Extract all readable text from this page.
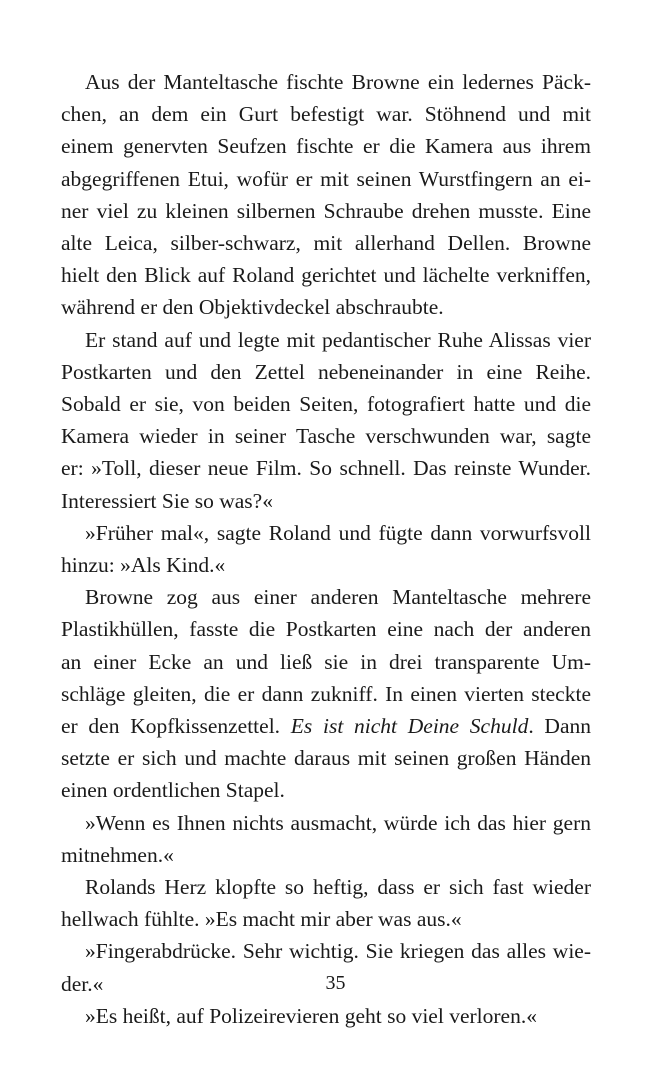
Aus der Manteltasche fischte Browne ein ledernes Päck-
chen, an dem ein Gurt befestigt war. Stöhnend und mit
einem genervten Seufzen fischte er die Kamera aus ihrem
abgegriffenen Etui, wofür er mit seinen Wurstfingern an ei-
ner viel zu kleinen silbernen Schraube drehen musste. Eine
alte Leica, silber-schwarz, mit allerhand Dellen. Browne
hielt den Blick auf Roland gerichtet und lächelte verkniffen,
während er den Objektivdeckel abschraubte.
Er stand auf und legte mit pedantischer Ruhe Alissas vier
Postkarten und den Zettel nebeneinander in eine Reihe.
Sobald er sie, von beiden Seiten, fotografiert hatte und die
Kamera wieder in seiner Tasche verschwunden war, sagte
er: »Toll, dieser neue Film. So schnell. Das reinste Wunder.
Interessiert Sie so was?«
»Früher mal«, sagte Roland und fügte dann vorwurfsvoll
hinzu: »Als Kind.«
Browne zog aus einer anderen Manteltasche mehrere
Plastikhüllen, fasste die Postkarten eine nach der anderen
an einer Ecke an und ließ sie in drei transparente Um-
schläge gleiten, die er dann zukniff. In einen vierten steckte
er den Kopfkissenzettel. Es ist nicht Deine Schuld. Dann
setzte er sich und machte daraus mit seinen großen Händen
einen ordentlichen Stapel.
»Wenn es Ihnen nichts ausmacht, würde ich das hier gern
mitnehmen.«
Rolands Herz klopfte so heftig, dass er sich fast wieder
hellwach fühlte. »Es macht mir aber was aus.«
»Fingerabdrücke. Sehr wichtig. Sie kriegen das alles wie-
der.«
»Es heißt, auf Polizeirevieren geht so viel verloren.«
35
